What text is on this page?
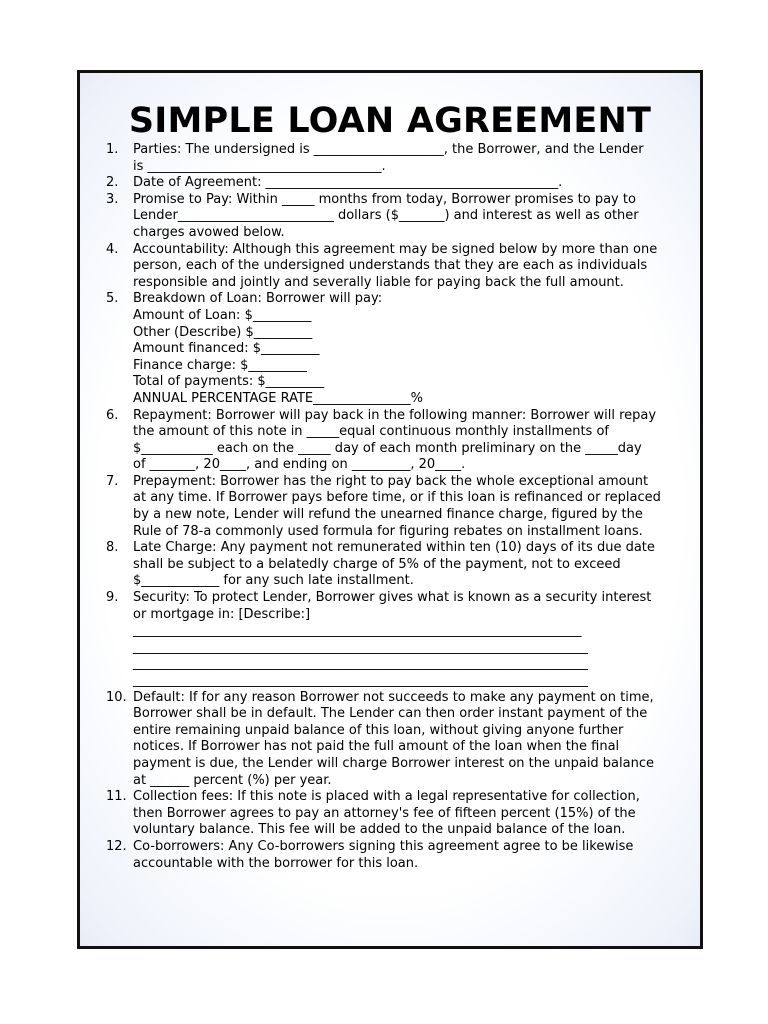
SIMPLE LOAN AGREEMENT
1. Parties: The undersigned is ____________________, the Borrower, and the Lender
is ____________________________________.
2. Date of Agreement: _____________________________________________.
3. Promise to Pay: Within _____ months from today, Borrower promises to pay to
Lender________________________ dollars ($_______) and interest as well as other
charges avowed below.
4. Accountability: Although this agreement may be signed below by more than one
person, each of the undersigned understands that they are each as individuals
responsible and jointly and severally liable for paying back the full amount.
5. Breakdown of Loan: Borrower will pay:
Amount of Loan: $_________
Other (Describe) $_________
Amount financed: $_________
Finance charge: $_________
Total of payments: $_________
ANNUAL PERCENTAGE RATE_______________%
6. Repayment: Borrower will pay back in the following manner: Borrower will repay
the amount of this note in _____equal continuous monthly installments of
$___________ each on the _____ day of each month preliminary on the _____day
of _______, 20____, and ending on _________, 20____.
7. Prepayment: Borrower has the right to pay back the whole exceptional amount
at any time. If Borrower pays before time, or if this loan is refinanced or replaced
by a new note, Lender will refund the unearned finance charge, figured by the
Rule of 78-a commonly used formula for figuring rebates on installment loans.
8. Late Charge: Any payment not remunerated within ten (10) days of its due date
shall be subject to a belatedly charge of 5% of the payment, not to exceed
$____________ for any such late installment.
9. Security: To protect Lender, Borrower gives what is known as a security interest
or mortgage in: [Describe:]
_____________________________________________________________________
______________________________________________________________________
______________________________________________________________________
______________________________________________________________________
10. Default: If for any reason Borrower not succeeds to make any payment on time,
Borrower shall be in default. The Lender can then order instant payment of the
entire remaining unpaid balance of this loan, without giving anyone further
notices. If Borrower has not paid the full amount of the loan when the final
payment is due, the Lender will charge Borrower interest on the unpaid balance
at ______ percent (%) per year.
11. Collection fees: If this note is placed with a legal representative for collection,
then Borrower agrees to pay an attorney's fee of fifteen percent (15%) of the
voluntary balance. This fee will be added to the unpaid balance of the loan.
12. Co-borrowers: Any Co-borrowers signing this agreement agree to be likewise
accountable with the borrower for this loan.
